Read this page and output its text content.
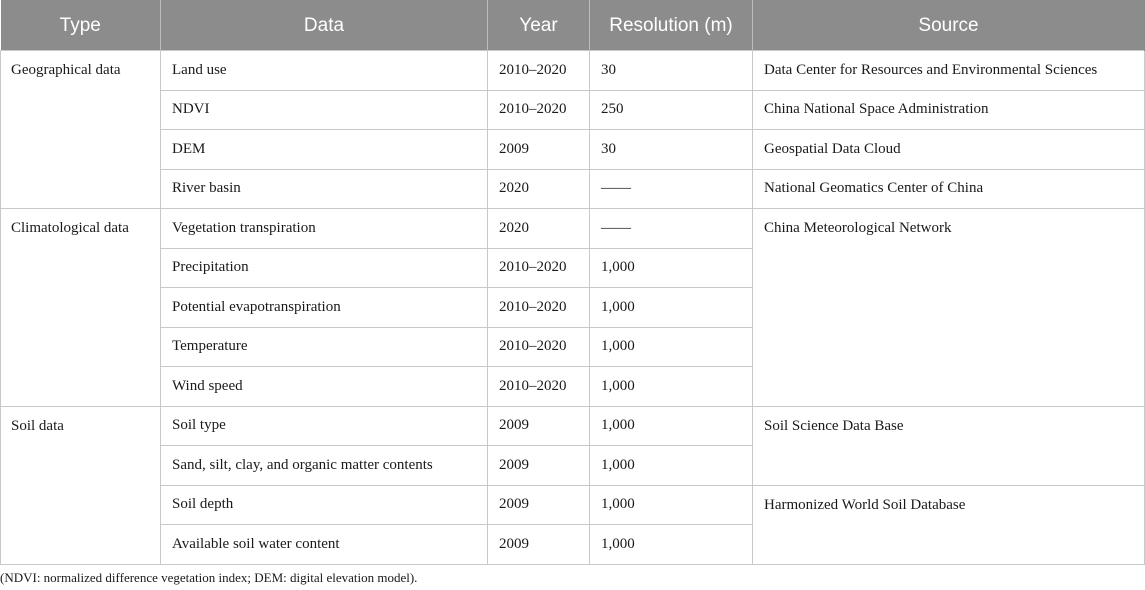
Type	Data	Year	Resolution (m)	Source
Geographical data	Land use	2010–2020	30	Data Center for Resources and Environmental Sciences
	NDVI	2010–2020	250	China National Space Administration
	DEM	2009	30	Geospatial Data Cloud
	River basin	2020	——	National Geomatics Center of China
Climatological data	Vegetation transpiration	2020	——	China Meteorological Network
	Precipitation	2010–2020	1,000	
	Potential evapotranspiration	2010–2020	1,000	
	Temperature	2010–2020	1,000	
	Wind speed	2010–2020	1,000	
Soil data	Soil type	2009	1,000	Soil Science Data Base
	Sand, silt, clay, and organic matter contents	2009	1,000	
	Soil depth	2009	1,000	Harmonized World Soil Database
	Available soil water content	2009	1,000	
(NDVI: normalized difference vegetation index; DEM: digital elevation model).
